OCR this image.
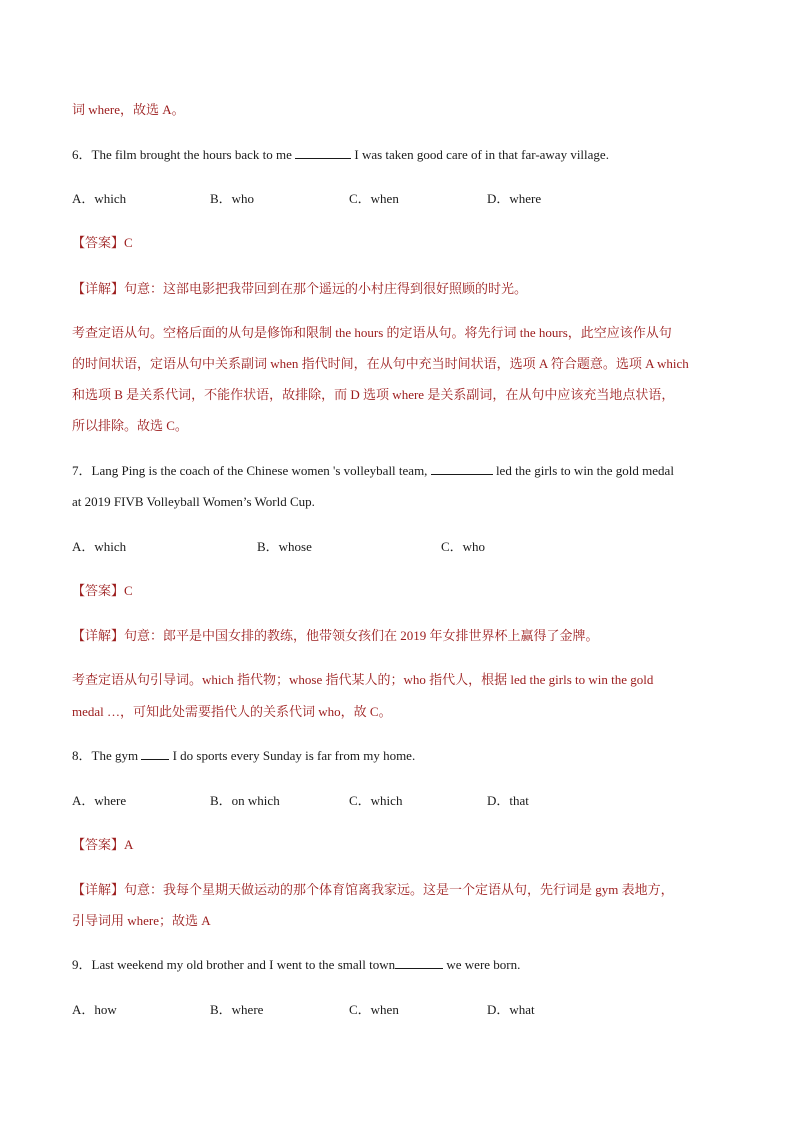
词 where，故选 A。
6．The film brought the hours back to me	I was taken good care of in that far-away village.
A．which	B．who	C．when	D．where
【答案】C
【详解】句意：这部电影把我带回到在那个遥远的小村庄得到很好照顾的时光。
考查定语从句。空格后面的从句是修饰和限制 the hours 的定语从句。将先行词 the hours，此空应该作从句
的时间状语，定语从句中关系副词 when 指代时间，在从句中充当时间状语，选项 A 符合题意。选项 A which
和选项 B 是关系代词，不能作状语，故排除，而 D 选项 where 是关系副词，在从句中应该充当地点状语，
所以排除。故选 C。
7．Lang Ping is the coach of the Chinese women 's volleyball team,	led the girls to win the gold medal
at 2019 FIVB Volleyball Women’s World Cup.
A．which	B．whose	C．who
【答案】C
【详解】句意：郎平是中国女排的教练，他带领女孩们在 2019 年女排世界杯上赢得了金牌。
考查定语从句引导词。which 指代物；whose 指代某人的；who 指代人，根据 led the girls to win the gold
medal …，可知此处需要指代人的关系代词 who，故 C。
8．The gym  I do sports every Sunday is far from my home.
A．where	B．on which	C．which	D．that
【答案】A
【详解】句意：我每个星期天做运动的那个体育馆离我家远。这是一个定语从句，先行词是 gym 表地方，
引导词用 where；故选 A
9．Last weekend my old brother and I went to the small town	we were born.
A．how	B．where	C．when	D．what
